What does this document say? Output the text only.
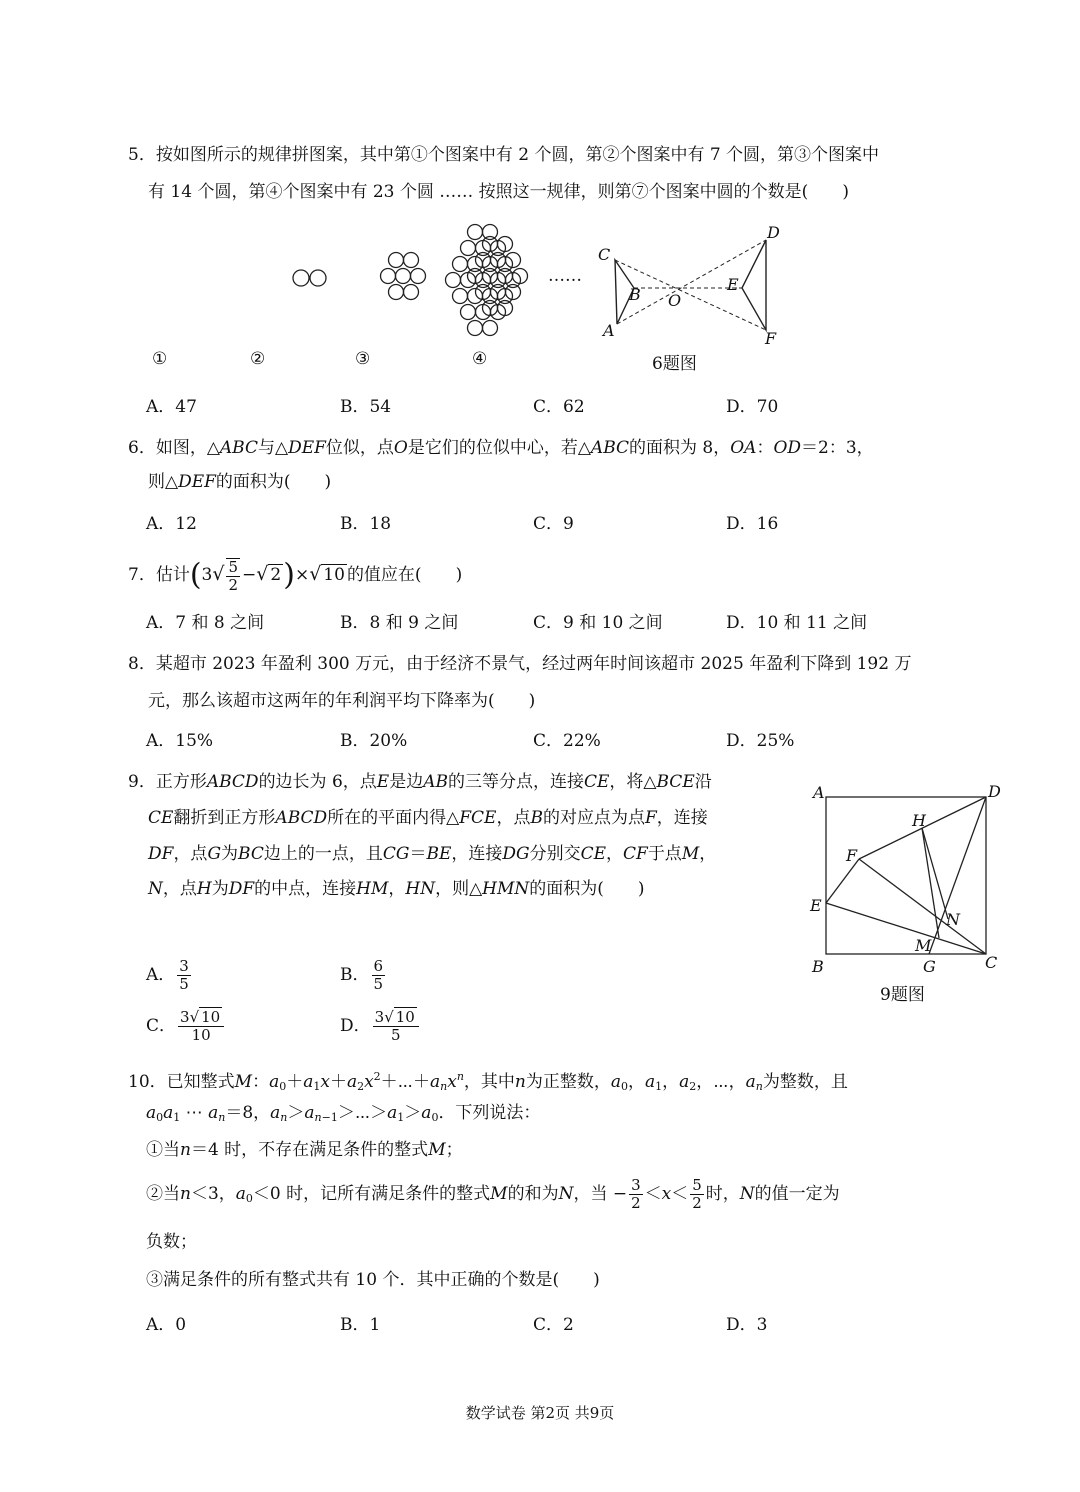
5．按如图所示的规律拼图案，其中第①个图案中有 2 个圆，第②个图案中有 7 个圆，第③个图案中
有 14 个圆，第④个图案中有 23 个圆 …… 按照这一规律，则第⑦个图案中圆的个数是(　　)
……
①	②	③	④
C
B
A
O
D
E
F
6题图
A．47	B．54	C．62	D．70
6．如图，△ABC与△DEF位似，点O是它们的位似中心，若△ABC的面积为 8，OA：OD＝2：3，
则△DEF的面积为(　　)
A．12	B．18	C．9	D．16
7．估计($3√ \frac{5}{2}$ −√ 2)×√ 10 的值应在(　　)
A．7 和 8 之间	B．8 和 9 之间	C．9 和 10 之间	D．10 和 11 之间
8．某超市 2023 年盈利 300 万元，由于经济不景气，经过两年时间该超市 2025 年盈利下降到 192 万
元，那么该超市这两年的年利润平均下降率为(　　)
A．15%	B．20%	C．22%	D．25%
9．正方形ABCD的边长为 6，点E是边AB的三等分点，连接CE，将△BCE沿
CE翻折到正方形ABCD所在的平面内得△FCE，点B的对应点为点F，连接
DF，点G为BC边上的一点，且CG＝BE，连接DG分别交CE，CF于点M，
N，点H为DF的中点，连接HM，HN，则△HMN的面积为(　　)
A． $\frac{3}{5}$	B． $\frac{6}{5}$
C． $\frac{3√ 10}{10}$	D． $\frac{3√ 10}{5}$
A	D
H
F
E
N
M
B	G	C
9题图
10．已知整式M：$a_0+a_1x+a_2x^2+\cdots+a_nx^n$，其中n为正整数，$a_0$，$a_1$，$a_2$，⋯，$a_n$为整数，且
$a_0a_1$ ⋯ $a_n=8$，$a_n>a_{n-1}>\cdots>a_1>a_0$．下列说法：
①当n＝4 时，不存在满足条件的整式M；
②当n＜3，$a_0<0$ 时，记所有满足条件的整式M的和为N，当 − $\frac{3}{2} <x< \frac{5}{2}$ 时，N的值一定为
负数；
③满足条件的所有整式共有 10 个．其中正确的个数是(　　)
A．0	B．1	C．2	D．3
数学试卷 第2页 共9页
